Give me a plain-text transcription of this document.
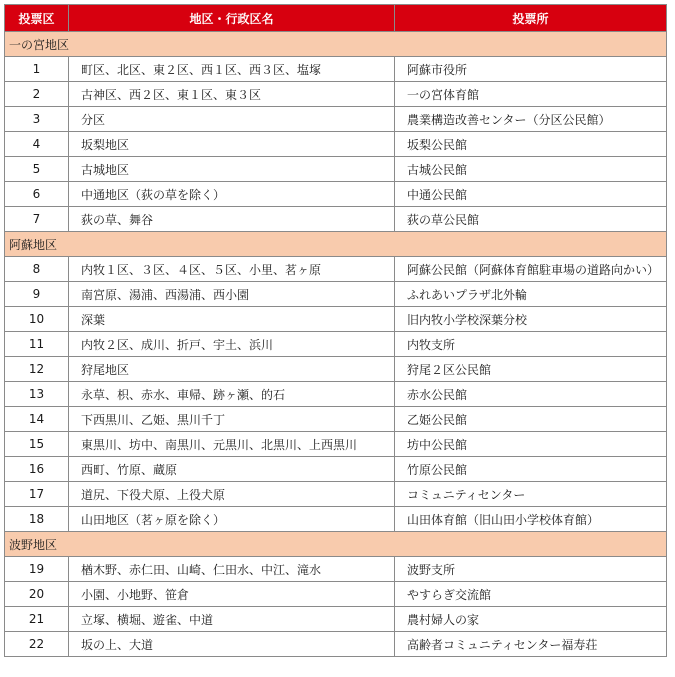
投票区	地区・行政区名	投票所
一の宮地区		
1	町区、北区、東２区、西１区、西３区、塩塚	阿蘇市役所
2	古神区、西２区、東１区、東３区	一の宮体育館
3	分区	農業構造改善センター（分区公民館）
4	坂梨地区	坂梨公民館
5	古城地区	古城公民館
6	中通地区（荻の草を除く）	中通公民館
7	荻の草、舞谷	荻の草公民館
阿蘇地区		
8	内牧１区、３区、４区、５区、小里、茗ヶ原	阿蘇公民館（阿蘇体育館駐車場の道路向かい）
9	南宮原、湯浦、西湯浦、西小園	ふれあいプラザ北外輪
10	深葉	旧内牧小学校深葉分校
11	内牧２区、成川、折戸、宇土、浜川	内牧支所
12	狩尾地区	狩尾２区公民館
13	永草、枳、赤水、車帰、跡ヶ瀬、的石	赤水公民館
14	下西黒川、乙姫、黒川千丁	乙姫公民館
15	東黒川、坊中、南黒川、元黒川、北黒川、上西黒川	坊中公民館
16	西町、竹原、蔵原	竹原公民館
17	道尻、下役犬原、上役犬原	コミュニティセンター
18	山田地区（茗ヶ原を除く）	山田体育館（旧山田小学校体育館）
波野地区		
19	楢木野、赤仁田、山崎、仁田水、中江、滝水	波野支所
20	小園、小地野、笹倉	やすらぎ交流館
21	立塚、横堀、遊雀、中道	農村婦人の家
22	坂の上、大道	高齢者コミュニティセンター福寿荘
